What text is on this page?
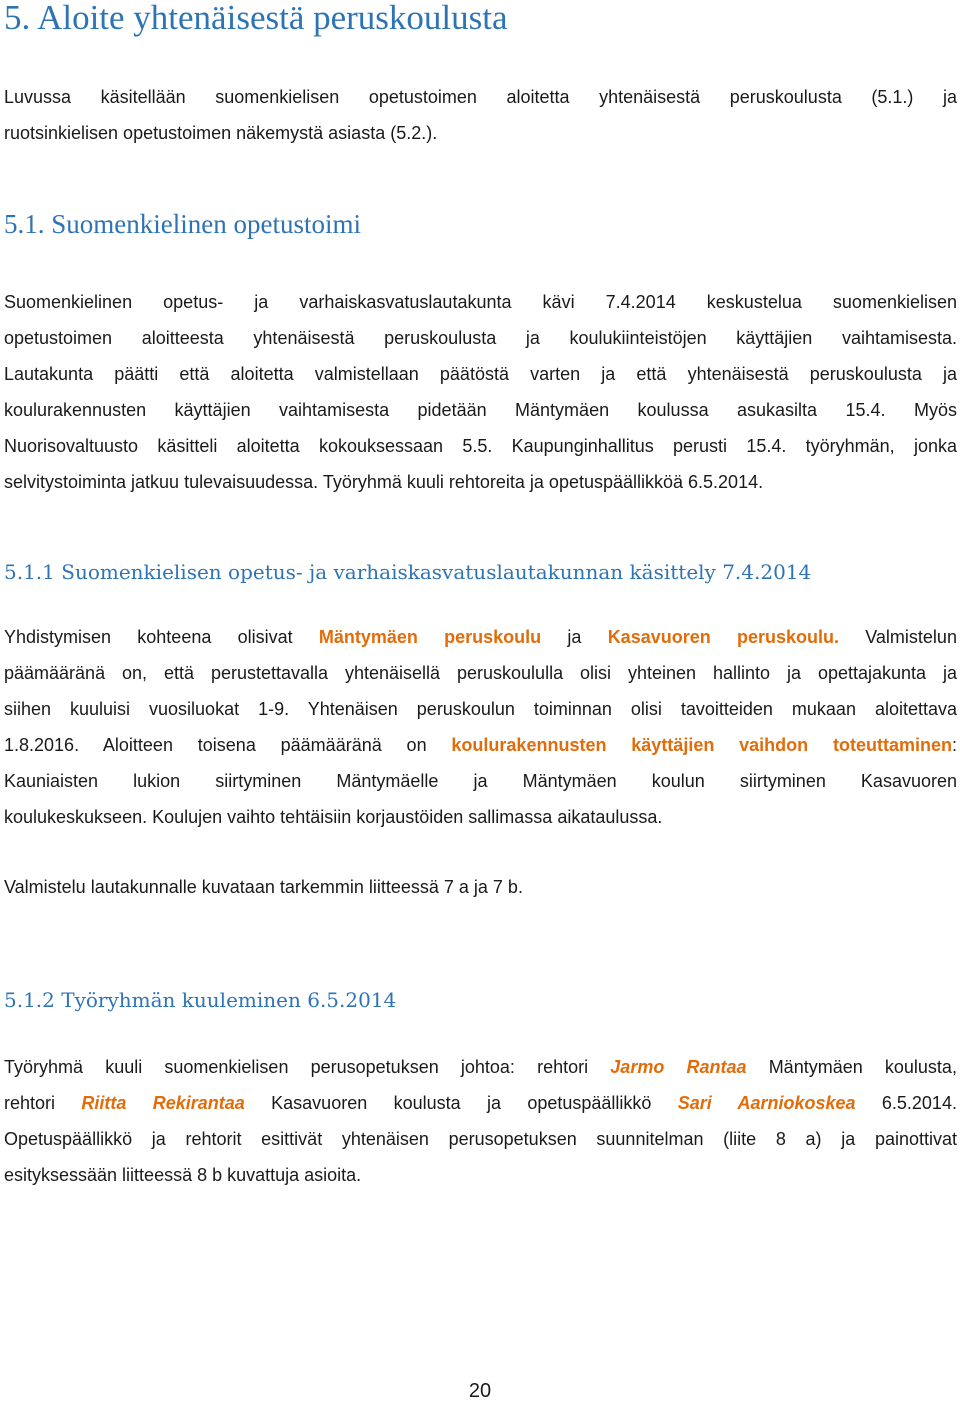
5. Aloite yhtenäisestä peruskoulusta
Luvussa käsitellään suomenkielisen opetustoimen aloitetta yhtenäisestä peruskoulusta (5.1.) ja
ruotsinkielisen opetustoimen näkemystä asiasta (5.2.).
5.1. Suomenkielinen opetustoimi
Suomenkielinen opetus- ja varhaiskasvatuslautakunta kävi 7.4.2014 keskustelua suomenkielisen
opetustoimen aloitteesta yhtenäisestä peruskoulusta ja koulukiinteistöjen käyttäjien vaihtamisesta.
Lautakunta päätti että aloitetta valmistellaan päätöstä varten ja että yhtenäisestä peruskoulusta ja
koulurakennusten käyttäjien vaihtamisesta pidetään Mäntymäen koulussa asukasilta 15.4. Myös
Nuorisovaltuusto käsitteli aloitetta kokouksessaan 5.5. Kaupunginhallitus perusti 15.4. työryhmän, jonka
selvitystoiminta jatkuu tulevaisuudessa. Työryhmä kuuli rehtoreita ja opetuspäällikköä 6.5.2014.
5.1.1 Suomenkielisen opetus- ja varhaiskasvatuslautakunnan käsittely 7.4.2014
Yhdistymisen kohteena olisivat Mäntymäen peruskoulu ja Kasavuoren peruskoulu. Valmistelun
päämääränä on, että perustettavalla yhtenäisellä peruskoululla olisi yhteinen hallinto ja opettajakunta ja
siihen kuuluisi vuosiluokat 1-9. Yhtenäisen peruskoulun toiminnan olisi tavoitteiden mukaan aloitettava
1.8.2016. Aloitteen toisena päämääränä on koulurakennusten käyttäjien vaihdon toteuttaminen:
Kauniaisten lukion siirtyminen Mäntymäelle ja Mäntymäen koulun siirtyminen Kasavuoren
koulukeskukseen. Koulujen vaihto tehtäisiin korjaustöiden sallimassa aikataulussa.
Valmistelu lautakunnalle kuvataan tarkemmin liitteessä 7 a ja 7 b.
5.1.2 Työryhmän kuuleminen 6.5.2014
Työryhmä kuuli suomenkielisen perusopetuksen johtoa: rehtori Jarmo Rantaa Mäntymäen koulusta,
rehtori Riitta Rekirantaa Kasavuoren koulusta ja opetuspäällikkö Sari Aarniokoskea 6.5.2014.
Opetuspäällikkö ja rehtorit esittivät yhtenäisen perusopetuksen suunnitelman (liite 8 a) ja painottivat
esityksessään liitteessä 8 b kuvattuja asioita.
20
